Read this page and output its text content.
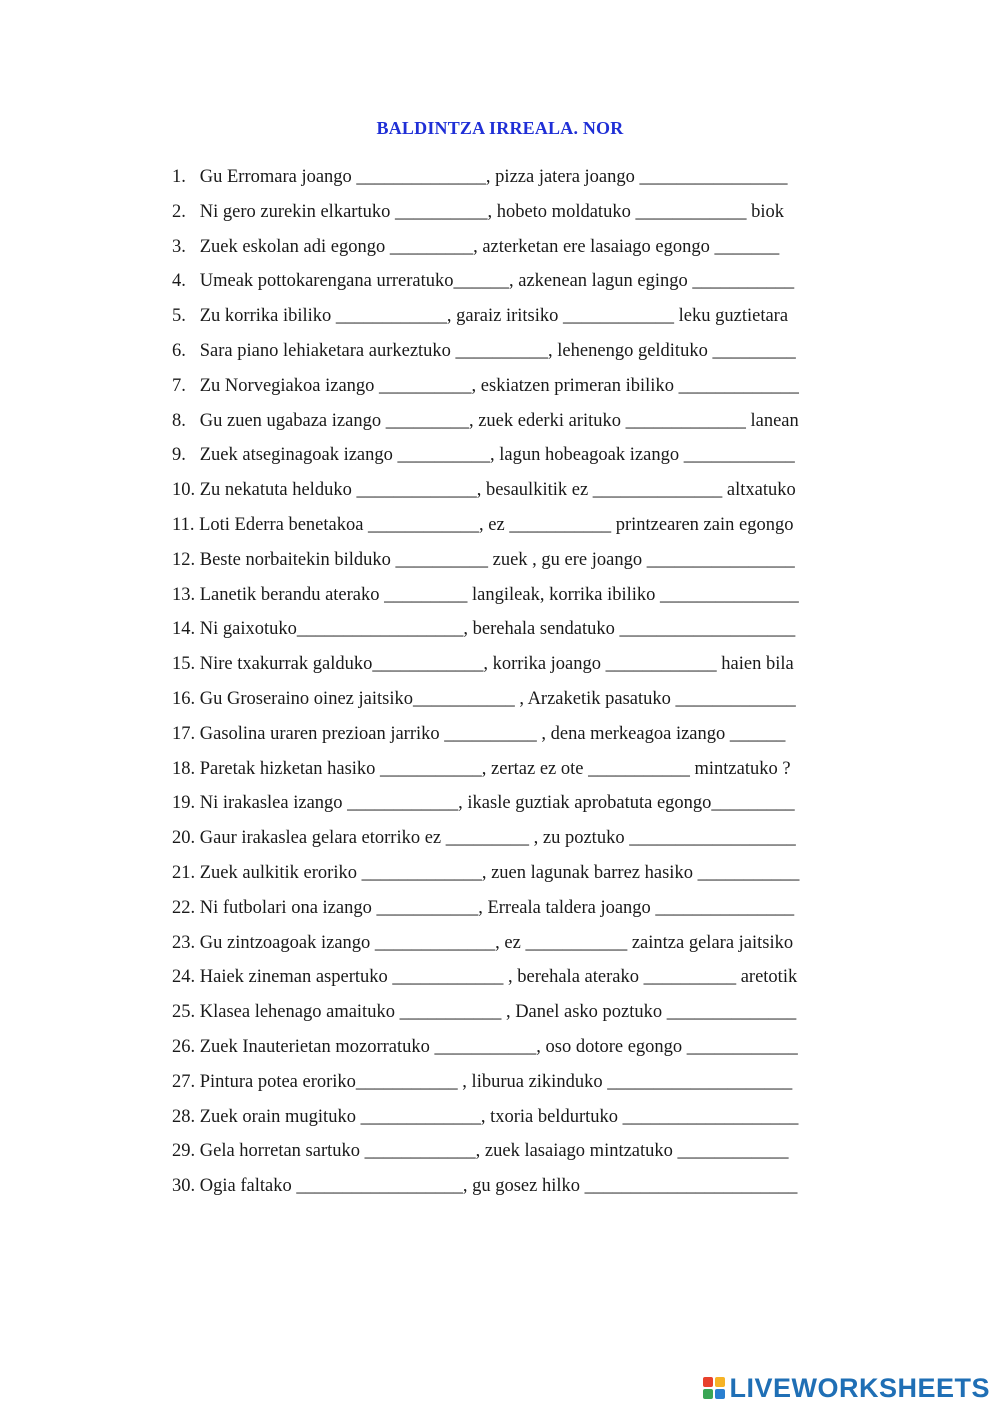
BALDINTZA IRREALA. NOR
1.   Gu Erromara joango ______________, pizza jatera joango ________________
2.   Ni gero zurekin elkartuko __________, hobeto moldatuko ____________ biok
3.   Zuek eskolan adi egongo _________, azterketan ere lasaiago egongo _______
4.   Umeak pottokarengana urreratuko______, azkenean lagun egingo ___________
5.   Zu korrika ibiliko ____________, garaiz iritsiko ____________ leku guztietara
6.   Sara piano lehiaketara aurkeztuko __________, lehenengo geldituko _________
7.   Zu Norvegiakoa izango __________, eskiatzen primeran ibiliko _____________
8.   Gu zuen ugabaza izango _________, zuek ederki arituko _____________ lanean
9.   Zuek atseginagoak izango __________, lagun hobeagoak izango ____________
10. Zu nekatuta helduko _____________, besaulkitik ez ______________ altxatuko
11. Loti Ederra benetakoa ____________, ez ___________ printzearen zain egongo
12. Beste norbaitekin bilduko __________ zuek , gu ere joango ________________
13. Lanetik berandu aterako _________ langileak, korrika ibiliko _______________
14. Ni gaixotuko__________________, berehala sendatuko ___________________
15. Nire txakurrak galduko____________, korrika joango ____________ haien bila
16. Gu Groseraino oinez jaitsiko___________ , Arzaketik pasatuko _____________
17. Gasolina uraren prezioan jarriko __________ , dena merkeagoa izango ______
18. Paretak hizketan hasiko ___________, zertaz ez ote ___________ mintzatuko ?
19. Ni irakaslea izango ____________, ikasle guztiak aprobatuta egongo_________
20. Gaur irakaslea gelara etorriko ez _________ , zu poztuko __________________
21. Zuek aulkitik eroriko _____________, zuen lagunak barrez hasiko ___________
22. Ni futbolari ona izango ___________, Erreala taldera joango _______________
23. Gu zintzoagoak izango _____________, ez ___________ zaintza gelara jaitsiko
24. Haiek zineman aspertuko ____________ , berehala aterako __________ aretotik
25. Klasea lehenago amaituko ___________ , Danel asko poztuko ______________
26. Zuek Inauterietan mozorratuko ___________, oso dotore egongo ____________
27. Pintura potea eroriko___________ , liburua zikinduko ____________________
28. Zuek orain mugituko _____________, txoria beldurtuko ___________________
29. Gela horretan sartuko ____________, zuek lasaiago mintzatuko ____________
30. Ogia faltako __________________, gu gosez hilko _______________________
LIVEWORKSHEETS
